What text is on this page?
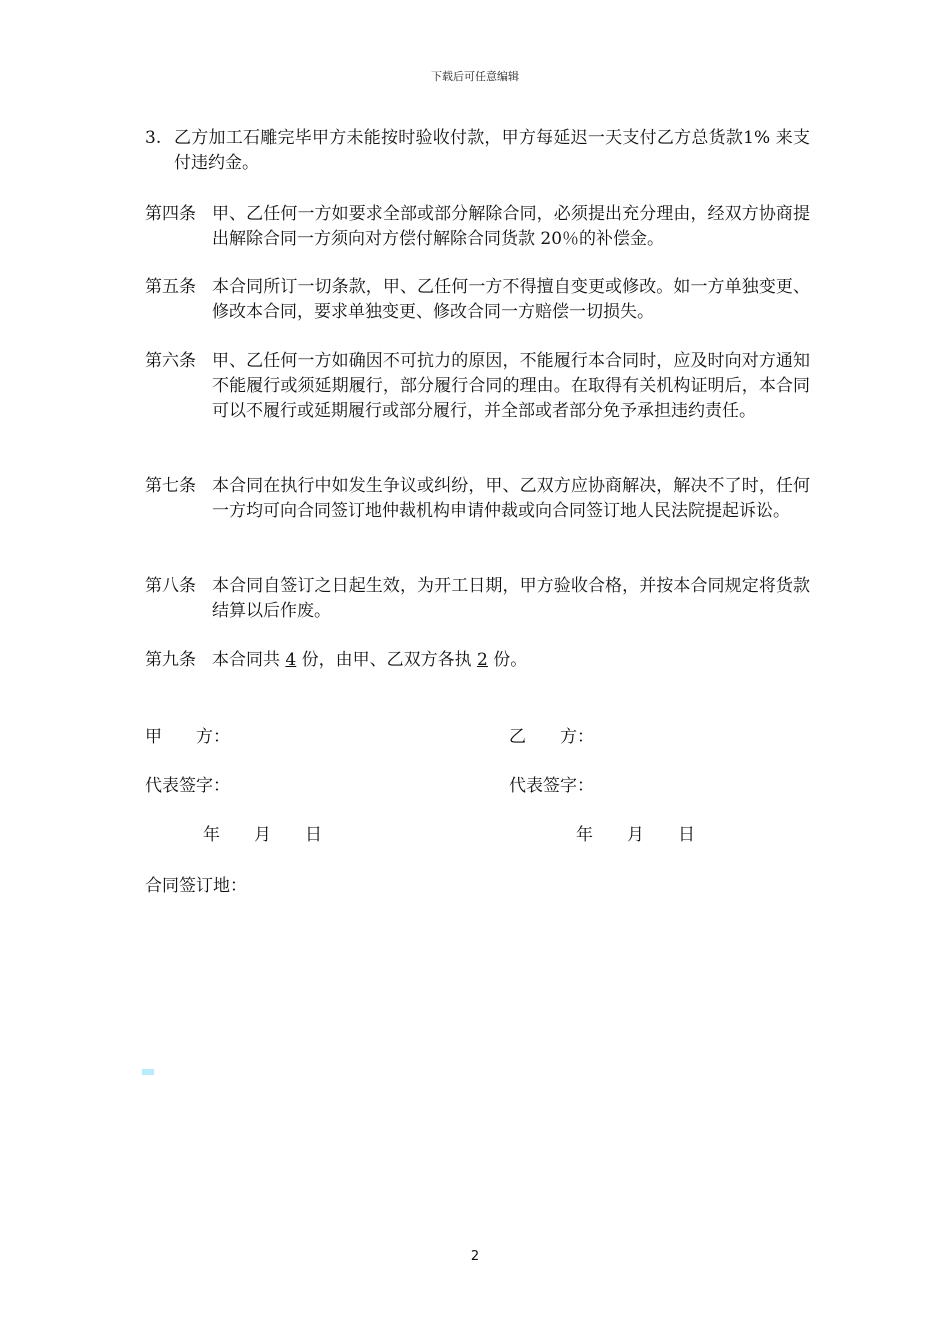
下载后可任意编辑
3. 乙方加工石雕完毕甲方未能按时验收付款，甲方每延迟一天支付乙方总货款1% 来支付违约金。
第四条 甲、乙任何一方如要求全部或部分解除合同，必须提出充分理由，经双方协商提出解除合同一方须向对方偿付解除合同货款 20％的补偿金。
第五条 本合同所订一切条款，甲、乙任何一方不得擅自变更或修改。如一方单独变更、修改本合同，要求单独变更、修改合同一方赔偿一切损失。
第六条 甲、乙任何一方如确因不可抗力的原因，不能履行本合同时，应及时向对方通知不能履行或须延期履行，部分履行合同的理由。在取得有关机构证明后，本合同可以不履行或延期履行或部分履行，并全部或者部分免予承担违约责任。
第七条 本合同在执行中如发生争议或纠纷，甲、乙双方应协商解决，解决不了时，任何一方均可向合同签订地仲裁机构申请仲裁或向合同签订地人民法院提起诉讼。
第八条 本合同自签订之日起生效，为开工日期，甲方验收合格，并按本合同规定将货款结算以后作废。
第九条 本合同共 4 份，由甲、乙双方各执 2 份。
甲　　方：	乙　　方：
代表签字：	代表签字：
年　　月　　日	年　　月　　日
合同签订地：
2
